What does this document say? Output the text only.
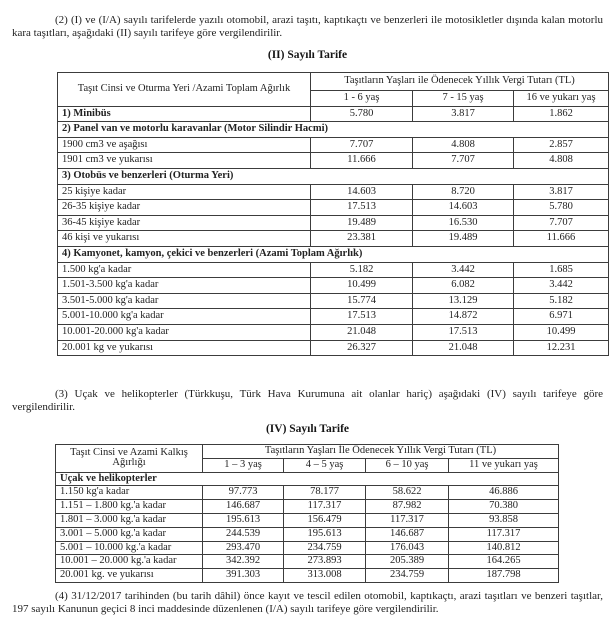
(2) (I) ve (I/A) sayılı tarifelerde yazılı otomobil, arazi taşıtı, kaptıkaçtı ve benzerleri ile motosikletler dışında kalan motorlu kara taşıtları, aşağıdaki (II) sayılı tarifeye göre vergilendirilir.

(II) Sayılı Tarife
Taşıt Cinsi ve Oturma Yeri /Azami Toplam Ağırlık	Taşıtların Yaşları ile Ödenecek Yıllık Vergi Tutarı (TL)		
	1 - 6 yaş	7 - 15 yaş	16 ve yukarı yaş
1) Minibüs	5.780	3.817	1.862
2) Panel van ve motorlu karavanlar (Motor Silindir Hacmi)			
1900 cm3 ve aşağısı	7.707	4.808	2.857
1901 cm3 ve yukarısı	11.666	7.707	4.808
3) Otobüs ve benzerleri (Oturma Yeri)			
25 kişiye kadar	14.603	8.720	3.817
26-35 kişiye kadar	17.513	14.603	5.780
36-45 kişiye kadar	19.489	16.530	7.707
46 kişi ve yukarısı	23.381	19.489	11.666
4) Kamyonet, kamyon, çekici ve benzerleri (Azami Toplam Ağırlık)			
1.500 kg'a kadar	5.182	3.442	1.685
1.501-3.500 kg'a kadar	10.499	6.082	3.442
3.501-5.000 kg'a kadar	15.774	13.129	5.182
5.001-10.000 kg'a kadar	17.513	14.872	6.971
10.001-20.000 kg'a kadar	21.048	17.513	10.499
20.001 kg ve yukarısı	26.327	21.048	12.231

(3) Uçak ve helikopterler (Türkkuşu, Türk Hava Kurumuna ait olanlar hariç) aşağıdaki (IV) sayılı tarifeye göre vergilendirilir.

(IV) Sayılı Tarife
Taşıt Cinsi ve Azami Kalkış Ağırlığı	Taşıtların Yaşları İle Ödenecek Yıllık Vergi Tutarı (TL)			
	1 – 3 yaş	4 – 5 yaş	6 – 10 yaş	11 ve yukarı yaş
Uçak ve helikopterler				
1.150 kg'a kadar	97.773	78.177	58.622	46.886
1.151 – 1.800 kg.'a kadar	146.687	117.317	87.982	70.380
1.801 – 3.000 kg.'a kadar	195.613	156.479	117.317	93.858
3.001 – 5.000 kg.'a kadar	244.539	195.613	146.687	117.317
5.001 – 10.000 kg.'a kadar	293.470	234.759	176.043	140.812
10.001 – 20.000 kg.'a kadar	342.392	273.893	205.389	164.265
20.001 kg. ve yukarısı	391.303	313.008	234.759	187.798

(4) 31/12/2017 tarihinden (bu tarih dâhil) önce kayıt ve tescil edilen otomobil, kaptıkaçtı, arazi taşıtları ve benzeri taşıtlar, 197 sayılı Kanunun geçici 8 inci maddesinde düzenlenen (I/A) sayılı tarifeye göre vergilendirilir.
